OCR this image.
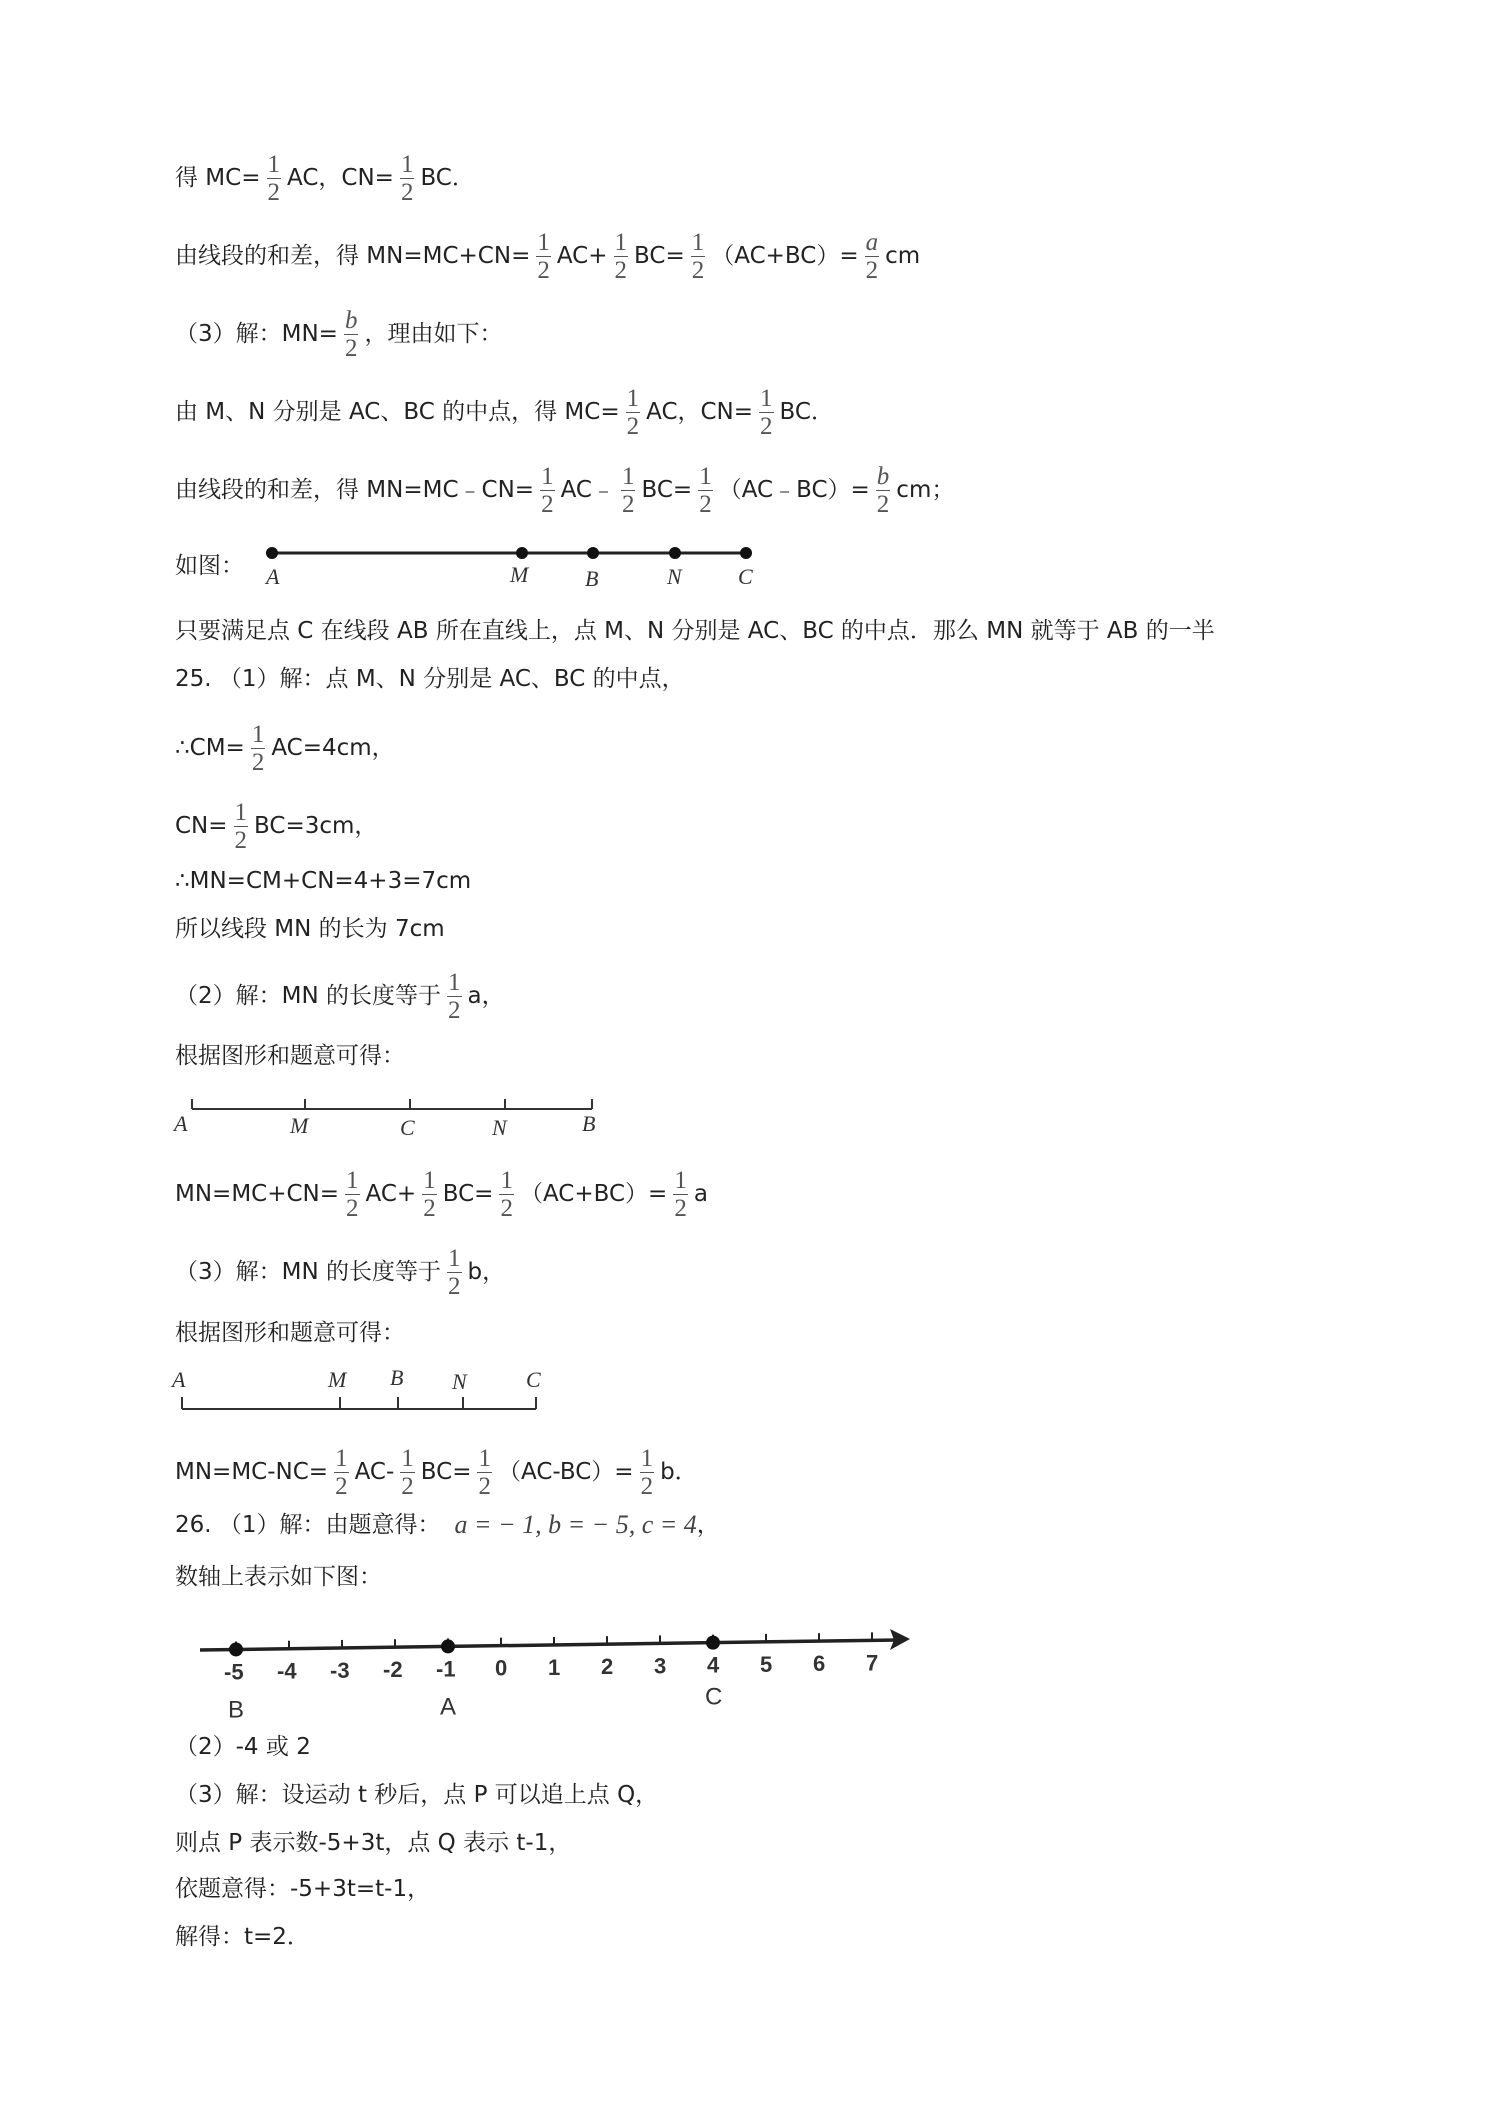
得 $MC= \frac{1}{2}$ AC，$CN= \frac{1}{2}$ BC．
由线段的和差，得 $MN=MC+CN= \frac{1}{2} AC+ \frac{1}{2} BC= \frac{1}{2} (AC+BC)= \frac{a}{2}$ cm
（3）解：$MN= \frac{b}{2}$ ，理由如下：
由 M、N 分别是 AC、BC 的中点，得 $MC= \frac{1}{2}$ AC，$CN= \frac{1}{2}$ BC．
由线段的和差，得 MN=MC﹣CN= $\frac{1}{2}$ AC﹣ $\frac{1}{2} BC= \frac{1}{2}$ （AC﹣BC）= $\frac{b}{2}$ cm；
如图： A	M	B	N	C
只要满足点 C 在线段 AB 所在直线上，点 M、N 分别是 AC、BC 的中点．那么 MN 就等于 AB 的一半
25. （1）解：点 M、N 分别是 AC、BC 的中点，
∴CM= $\frac{1}{2} AC=4cm$，
$CN= \frac{1}{2} BC=3cm$，
∴MN=CM+CN=4+3=7cm
所以线段 MN 的长为 7cm
（2）解：MN 的长度等于 $\frac{1}{2}$ a，
根据图形和题意可得：
A	M	C	N	B
$MN=MC+CN= \frac{1}{2} AC+ \frac{1}{2} BC= \frac{1}{2} (AC+BC)= \frac{1}{2}$ a
（3）解：MN 的长度等于 $\frac{1}{2}$ b，
根据图形和题意可得：
A	M B N	C
$MN=MC-NC= \frac{1}{2} AC- \frac{1}{2} BC= \frac{1}{2} (AC-BC)= \frac{1}{2}$ b．
26. （1）解：由题意得： a = − 1, b = − 5, c = 4 ，
数轴上表示如下图：
-5 -4 -3 -2 -1 0 1 2 3 4 5 6 7
B	A	C
（2）-4 或 2
（3）解：设运动 t 秒后，点 P 可以追上点 Q，
则点 P 表示数-5+3t，点 Q 表示 t-1，
依题意得：-5+3t=t-1，
解得：t=2．
